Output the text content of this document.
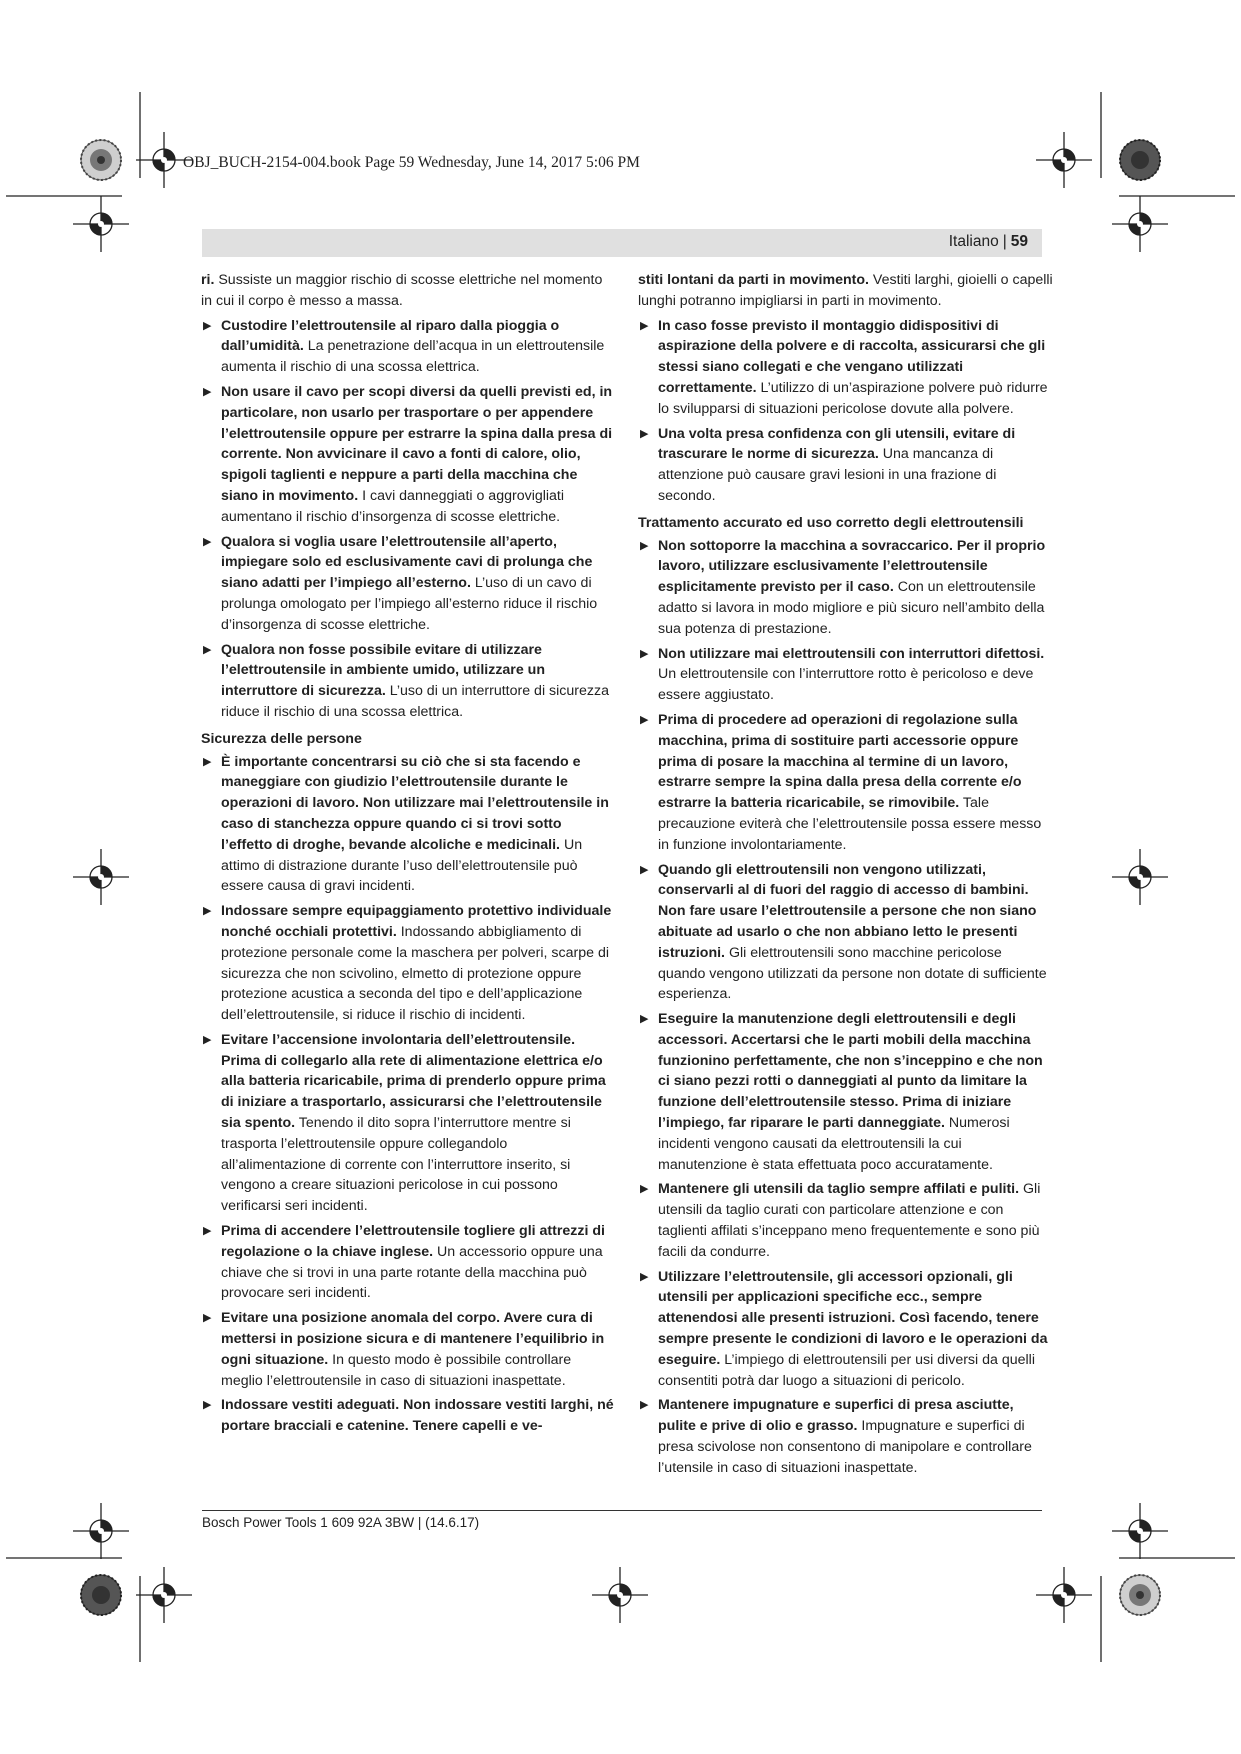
OBJ_BUCH-2154-004.book Page 59 Wednesday, June 14, 2017 5:06 PM
Italiano | 59

ri. Sussiste un maggior rischio di scosse elettriche nel momento in cui il corpo è messo a massa.

▶ Custodire l’elettroutensile al riparo dalla pioggia o dall’umidità. La penetrazione dell’acqua in un elettroutensile aumenta il rischio di una scossa elettrica.
▶ Non usare il cavo per scopi diversi da quelli previsti ed, in particolare, non usarlo per trasportare o per appendere l’elettroutensile oppure per estrarre la spina dalla presa di corrente. Non avvicinare il cavo a fonti di calore, olio, spigoli taglienti e neppure a parti della macchina che siano in movimento. I cavi danneggiati o aggrovigliati aumentano il rischio d’insorgenza di scosse elettriche.
▶ Qualora si voglia usare l’elettroutensile all’aperto, impiegare solo ed esclusivamente cavi di prolunga che siano adatti per l’impiego all’esterno. L’uso di un cavo di prolunga omologato per l’impiego all’esterno riduce il rischio d’insorgenza di scosse elettriche.
▶ Qualora non fosse possibile evitare di utilizzare l’elettroutensile in ambiente umido, utilizzare un interruttore di sicurezza. L’uso di un interruttore di sicurezza riduce il rischio di una scossa elettrica.
Sicurezza delle persone
▶ È importante concentrarsi su ciò che si sta facendo e maneggiare con giudizio l’elettroutensile durante le operazioni di lavoro. Non utilizzare mai l’elettroutensile in caso di stanchezza oppure quando ci si trovi sotto l’effetto di droghe, bevande alcoliche e medicinali. Un attimo di distrazione durante l’uso dell’elettroutensile può essere causa di gravi incidenti.
▶ Indossare sempre equipaggiamento protettivo individuale nonché occhiali protettivi. Indossando abbigliamento di protezione personale come la maschera per polveri, scarpe di sicurezza che non scivolino, elmetto di protezione oppure protezione acustica a seconda del tipo e dell’applicazione dell’elettroutensile, si riduce il rischio di incidenti.
▶ Evitare l’accensione involontaria dell’elettroutensile. Prima di collegarlo alla rete di alimentazione elettrica e/o alla batteria ricaricabile, prima di prenderlo oppure prima di iniziare a trasportarlo, assicurarsi che l’elettroutensile sia spento. Tenendo il dito sopra l’interruttore mentre si trasporta l’elettroutensile oppure collegandolo all’alimentazione di corrente con l’interruttore inserito, si vengono a creare situazioni pericolose in cui possono verificarsi seri incidenti.
▶ Prima di accendere l’elettroutensile togliere gli attrezzi di regolazione o la chiave inglese. Un accessorio oppure una chiave che si trovi in una parte rotante della macchina può provocare seri incidenti.
▶ Evitare una posizione anomala del corpo. Avere cura di mettersi in posizione sicura e di mantenere l’equilibrio in ogni situazione. In questo modo è possibile controllare meglio l’elettroutensile in caso di situazioni inaspettate.
▶ Indossare vestiti adeguati. Non indossare vestiti larghi, né portare bracciali e catenine. Tenere capelli e ve-

stiti lontani da parti in movimento. Vestiti larghi, gioielli o capelli lunghi potranno impigliarsi in parti in movimento.

▶ In caso fosse previsto il montaggio didispositivi di aspirazione della polvere e di raccolta, assicurarsi che gli stessi siano collegati e che vengano utilizzati correttamente. L’utilizzo di un’aspirazione polvere può ridurre lo svilupparsi di situazioni pericolose dovute alla polvere.
▶ Una volta presa confidenza con gli utensili, evitare di trascurare le norme di sicurezza. Una mancanza di attenzione può causare gravi lesioni in una frazione di secondo.
Trattamento accurato ed uso corretto degli elettroutensili
▶ Non sottoporre la macchina a sovraccarico. Per il proprio lavoro, utilizzare esclusivamente l’elettroutensile esplicitamente previsto per il caso. Con un elettroutensile adatto si lavora in modo migliore e più sicuro nell’ambito della sua potenza di prestazione.
▶ Non utilizzare mai elettroutensili con interruttori difettosi. Un elettroutensile con l’interruttore rotto è pericoloso e deve essere aggiustato.
▶ Prima di procedere ad operazioni di regolazione sulla macchina, prima di sostituire parti accessorie oppure prima di posare la macchina al termine di un lavoro, estrarre sempre la spina dalla presa della corrente e/o estrarre la batteria ricaricabile, se rimovibile. Tale precauzione eviterà che l’elettroutensile possa essere messo in funzione involontariamente.
▶ Quando gli elettroutensili non vengono utilizzati, conservarli al di fuori del raggio di accesso di bambini. Non fare usare l’elettroutensile a persone che non siano abituate ad usarlo o che non abbiano letto le presenti istruzioni. Gli elettroutensili sono macchine pericolose quando vengono utilizzati da persone non dotate di sufficiente esperienza.
▶ Eseguire la manutenzione degli elettroutensili e degli accessori. Accertarsi che le parti mobili della macchina funzionino perfettamente, che non s’inceppino e che non ci siano pezzi rotti o danneggiati al punto da limitare la funzione dell’elettroutensile stesso. Prima di iniziare l’impiego, far riparare le parti danneggiate. Numerosi incidenti vengono causati da elettroutensili la cui manutenzione è stata effettuata poco accuratamente.
▶ Mantenere gli utensili da taglio sempre affilati e puliti. Gli utensili da taglio curati con particolare attenzione e con taglienti affilati s’inceppano meno frequentemente e sono più facili da condurre.
▶ Utilizzare l’elettroutensile, gli accessori opzionali, gli utensili per applicazioni specifiche ecc., sempre attenendosi alle presenti istruzioni. Così facendo, tenere sempre presente le condizioni di lavoro e le operazioni da eseguire. L’impiego di elettroutensili per usi diversi da quelli consentiti potrà dar luogo a situazioni di pericolo.
▶ Mantenere impugnature e superfici di presa asciutte, pulite e prive di olio e grasso. Impugnature e superfici di presa scivolose non consentono di manipolare e controllare l’utensile in caso di situazioni inaspettate.
Bosch Power Tools 1 609 92A 3BW | (14.6.17)
